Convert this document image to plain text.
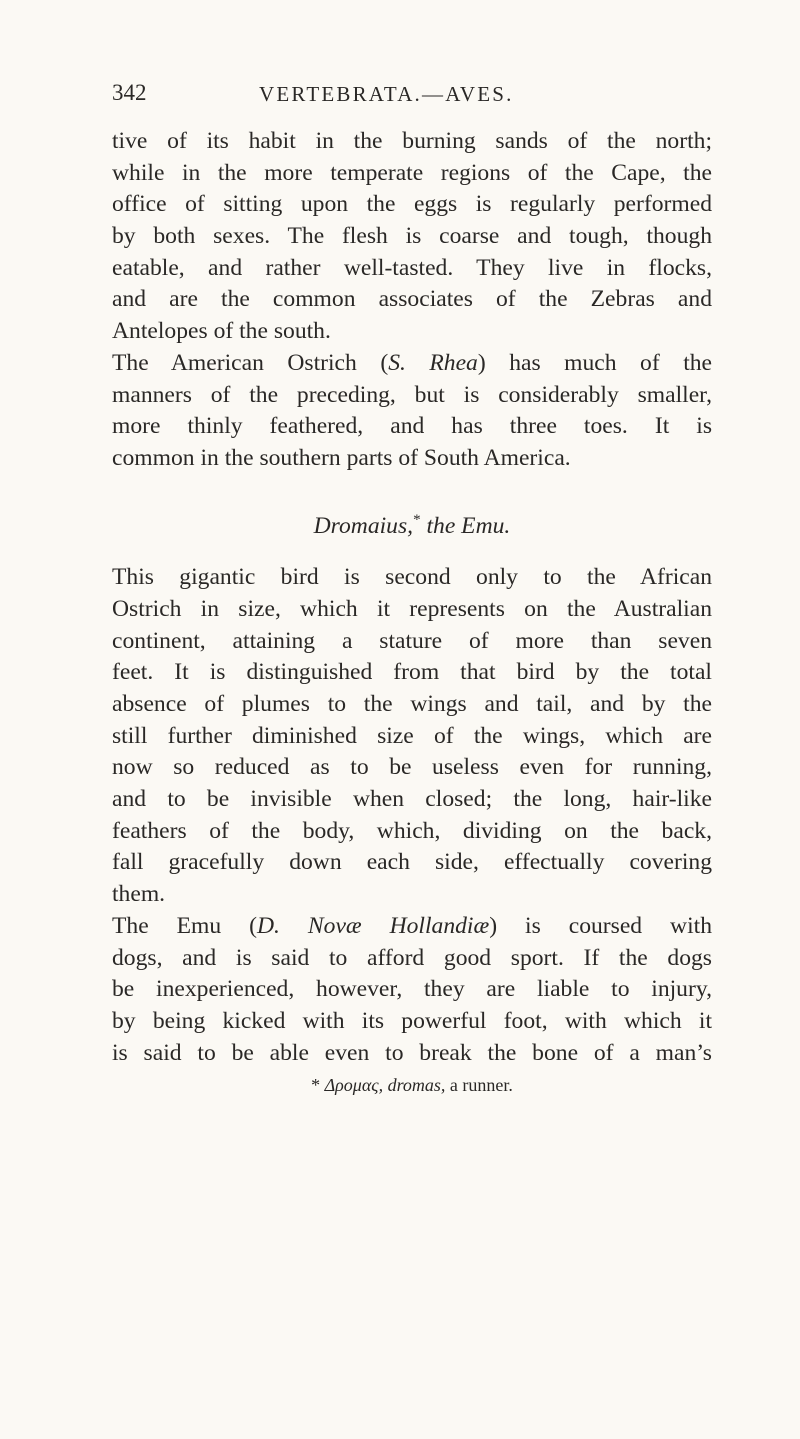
342	VERTEBRATA.—AVES.
tive of its habit in the burning sands of the north;
while in the more temperate regions of the Cape, the
office of sitting upon the eggs is regularly performed
by both sexes. The flesh is coarse and tough, though
eatable, and rather well-tasted. They live in flocks,
and are the common associates of the Zebras and
Antelopes of the south.
The American Ostrich (S. Rhea) has much of the
manners of the preceding, but is considerably smaller,
more thinly feathered, and has three toes. It is
common in the southern parts of South America.
Dromaius,* the Emu.
This gigantic bird is second only to the African
Ostrich in size, which it represents on the Australian
continent, attaining a stature of more than seven
feet. It is distinguished from that bird by the total
absence of plumes to the wings and tail, and by the
still further diminished size of the wings, which are
now so reduced as to be useless even for running,
and to be invisible when closed; the long, hair-like
feathers of the body, which, dividing on the back,
fall gracefully down each side, effectually covering
them.
The Emu (D. Novæ Hollandiæ) is coursed with
dogs, and is said to afford good sport. If the dogs
be inexperienced, however, they are liable to injury,
by being kicked with its powerful foot, with which it
is said to be able even to break the bone of a man’s
* Δρομας, dromas, a runner.
